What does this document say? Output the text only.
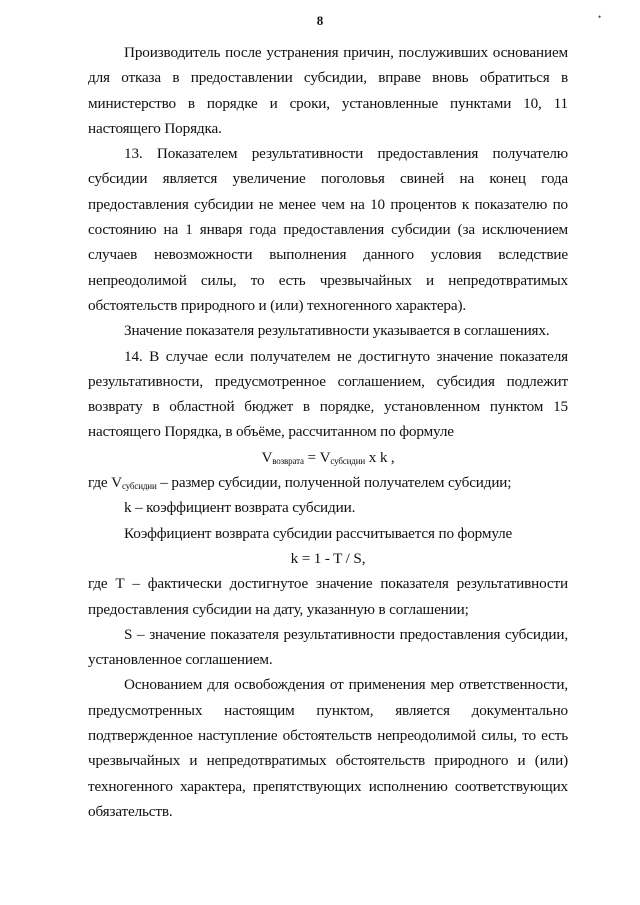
8	•

Производитель после устранения причин, послуживших основанием для отказа в предоставлении субсидии, вправе вновь обратиться в министерство в порядке и сроки, установленные пунктами 10, 11 настоящего Порядка.

13. Показателем результативности предоставления получателю субсидии является увеличение поголовья свиней на конец года предоставления субсидии не менее чем на 10 процентов к показателю по состоянию на 1 января года предоставления субсидии (за исключением случаев невозможности выполнения данного условия вследствие непреодолимой силы, то есть чрезвычайных и непредотвратимых обстоятельств природного и (или) техногенного характера).

Значение показателя результативности указывается в соглашениях.

14. В случае если получателем не достигнуто значение показателя результативности, предусмотренное соглашением, субсидия подлежит возврату в областной бюджет в порядке, установленном пунктом 15 настоящего Порядка, в объёме, рассчитанном по формуле

$V_{возврата} = V_{субсидии}$ x k ,

где $V_{субсидии}$ – размер субсидии, полученной получателем субсидии;

k – коэффициент возврата субсидии.

Коэффициент возврата субсидии рассчитывается по формуле

k = 1 - T / S,

где Т – фактически достигнутое значение показателя результативности предоставления субсидии на дату, указанную в соглашении;

S – значение показателя результативности предоставления субсидии, установленное соглашением.

Основанием для освобождения от применения мер ответственности, предусмотренных настоящим пунктом, является документально подтвержденное наступление обстоятельств непреодолимой силы, то есть чрезвычайных и непредотвратимых обстоятельств природного и (или) техногенного характера, препятствующих исполнению соответствующих обязательств.
